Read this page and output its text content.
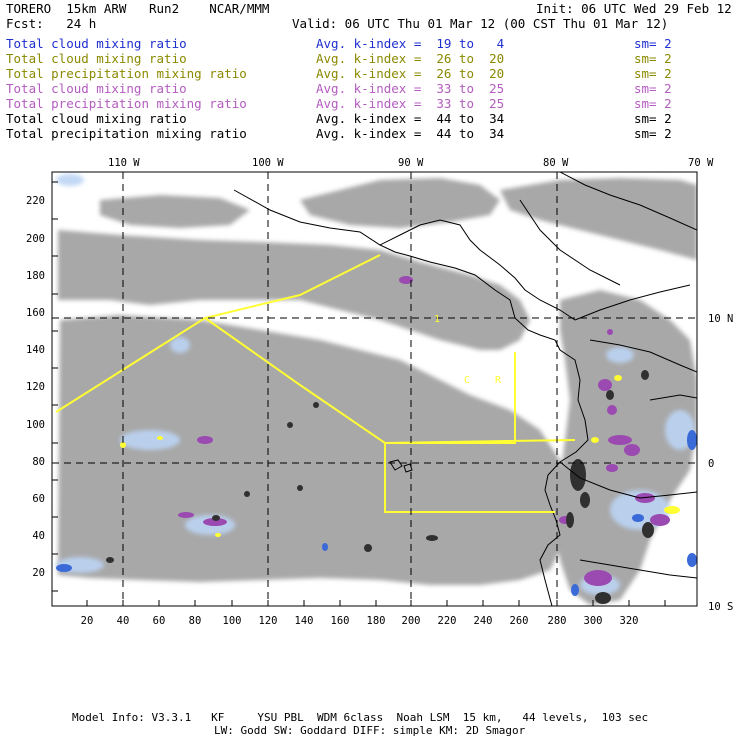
TORERO  15km ARW   Run2    NCAR/MMM	Init: 06 UTC Wed 29 Feb 12
Fcst:   24 h	Valid: 06 UTC Thu 01 Mar 12 (00 CST Thu 01 Mar 12)
Total cloud mixing ratio	Avg. k-index =  19 to   4	sm= 2
Total cloud mixing ratio	Avg. k-index =  26 to  20	sm= 2
Total precipitation mixing ratio	Avg. k-index =  26 to  20	sm= 2
Total cloud mixing ratio	Avg. k-index =  33 to  25	sm= 2
Total precipitation mixing ratio	Avg. k-index =  33 to  25	sm= 2
Total cloud mixing ratio	Avg. k-index =  44 to  34	sm= 2
Total precipitation mixing ratio	Avg. k-index =  44 to  34	sm= 2
1
C R
110 W	100 W	90 W	80 W	70 W
10 N
0
10 S
20
40
60
80
100
120
140
160
180
200
220
20 40 60 80 100 120 140 160 180 200 220 240 260 280 300 320
Model Info: V3.3.1   KF     YSU PBL  WDM 6class  Noah LSM  15 km,   44 levels,  103 sec
LW: Godd SW: Goddard DIFF: simple KM: 2D Smagor
